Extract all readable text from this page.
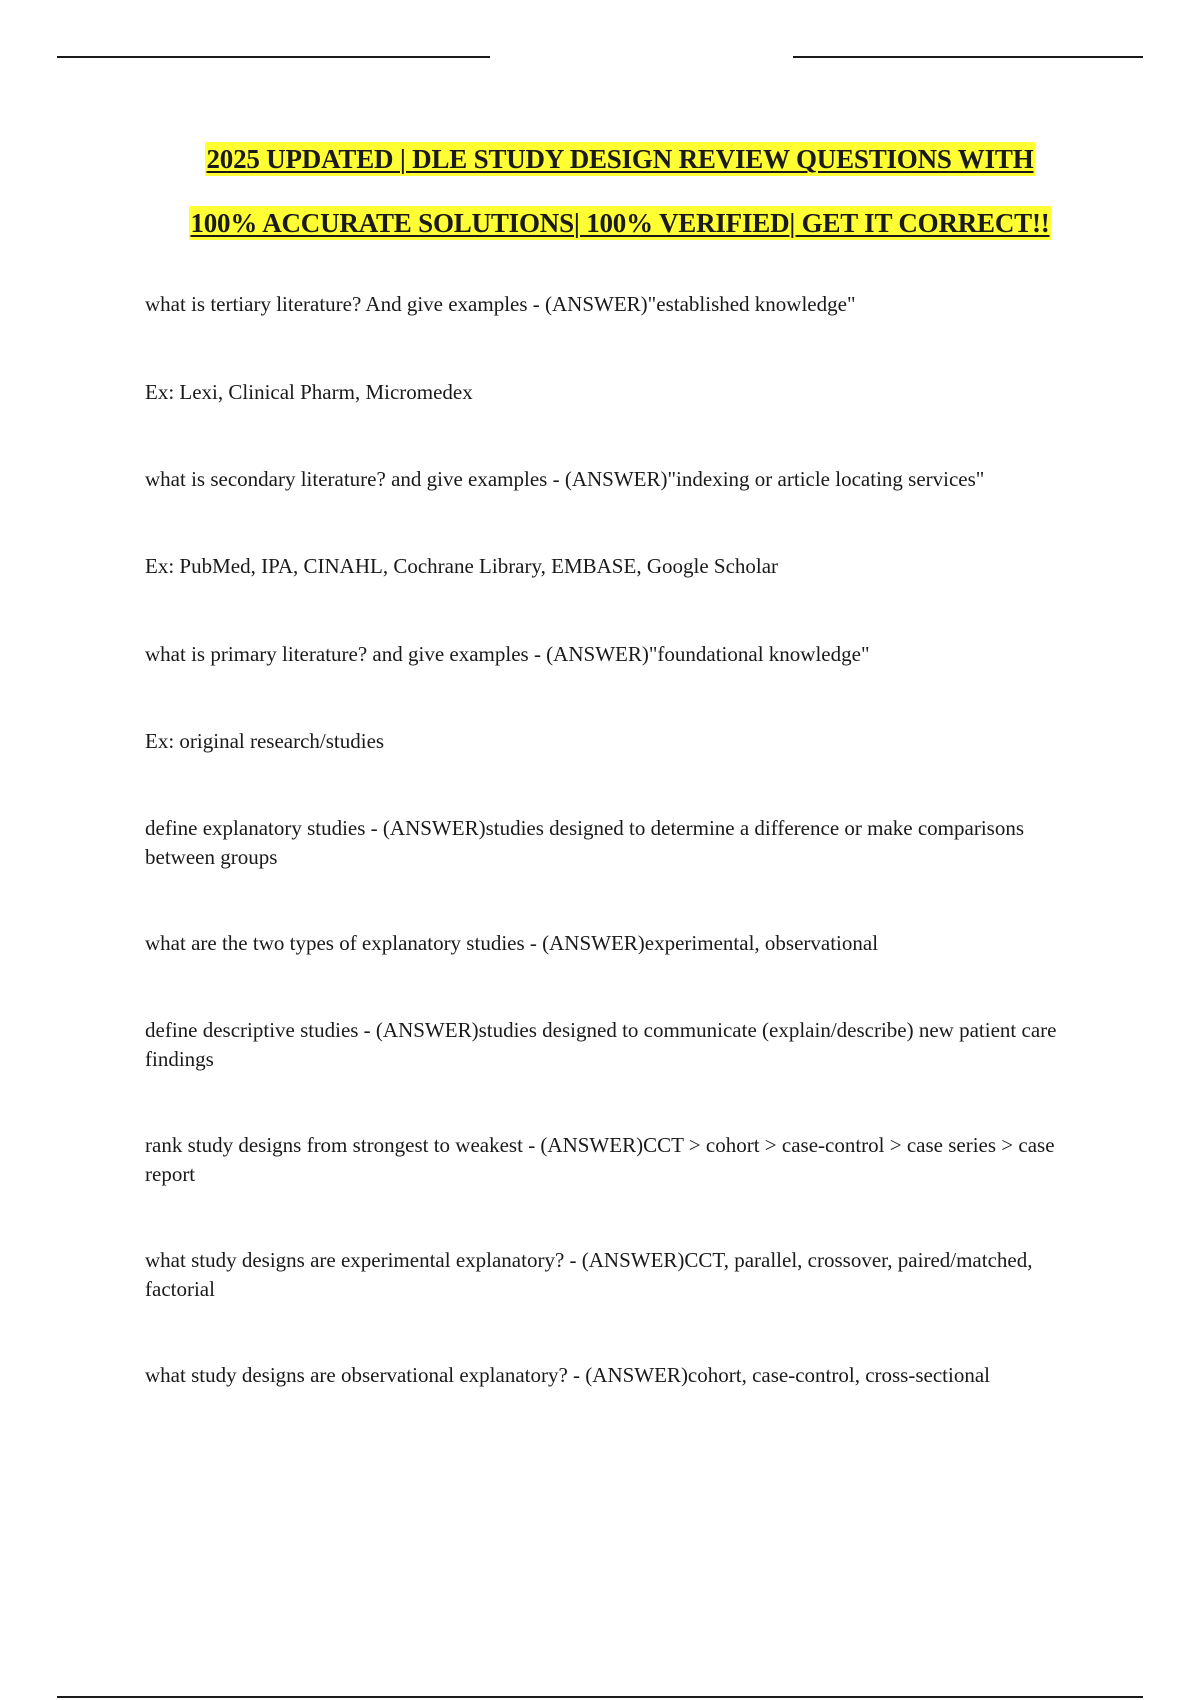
2025 UPDATED | DLE STUDY DESIGN REVIEW QUESTIONS WITH
100% ACCURATE SOLUTIONS| 100% VERIFIED| GET IT CORRECT!!
what is tertiary literature? And give examples - (ANSWER)"established knowledge"
Ex: Lexi, Clinical Pharm, Micromedex
what is secondary literature? and give examples - (ANSWER)"indexing or article locating services"
Ex: PubMed, IPA, CINAHL, Cochrane Library, EMBASE, Google Scholar
what is primary literature? and give examples - (ANSWER)"foundational knowledge"
Ex: original research/studies
define explanatory studies - (ANSWER)studies designed to determine a difference or make comparisons between groups
what are the two types of explanatory studies - (ANSWER)experimental, observational
define descriptive studies - (ANSWER)studies designed to communicate (explain/describe) new patient care findings
rank study designs from strongest to weakest - (ANSWER)CCT > cohort > case-control > case series > case report
what study designs are experimental explanatory? - (ANSWER)CCT, parallel, crossover, paired/matched, factorial
what study designs are observational explanatory? - (ANSWER)cohort, case-control, cross-sectional
